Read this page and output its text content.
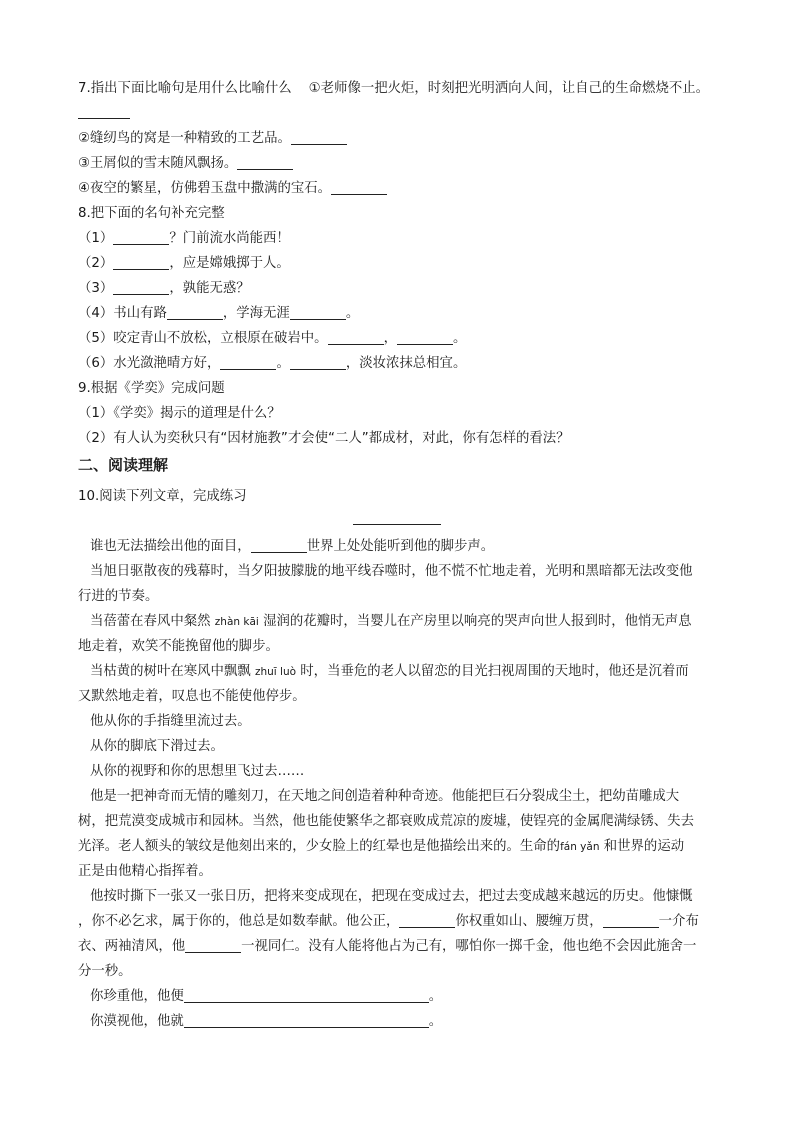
7.指出下面比喻句是用什么比喻什么 ①老师像一把火炬，时刻把光明洒向人间，让自己的生命燃烧不止。
②缝纫鸟的窝是一种精致的工艺品。
③王屑似的雪末随风飘扬。
④夜空的繁星，仿佛碧玉盘中撒满的宝石。
8.把下面的名句补充完整
（1）	？门前流水尚能西！
（2）	，应是嫦娥掷于人。
（3）	，孰能无惑？
（4）书山有路	，学海无涯	。
（5）咬定青山不放松，立根原在破岩中。	，	。
（6）水光潋滟晴方好，	。	，淡妆浓抹总相宜。
9.根据《学奕》完成问题
（1）《学奕》揭示的道理是什么？
（2）有人认为奕秋只有“因材施教”才会使“二人”都成材，对此，你有怎样的看法？
二、阅读理解
10.阅读下列文章，完成练习
谁也无法描绘出他的面目，	世界上处处能听到他的脚步声。
当旭日驱散夜的残幕时，当夕阳披朦胧的地平线吞噬时，他不慌不忙地走着，光明和黑暗都无法改变他
行进的节奏。
当蓓蕾在春风中粲然 zhàn kāi 湿润的花瓣时，当婴儿在产房里以响亮的哭声向世人报到时，他悄无声息
地走着，欢笑不能挽留他的脚步。
当枯黄的树叶在寒风中飘飘 zhuī luò 时，当垂危的老人以留恋的目光扫视周围的天地时，他还是沉着而
又默然地走着，叹息也不能使他停步。
他从你的手指缝里流过去。
从你的脚底下滑过去。
从你的视野和你的思想里飞过去……
他是一把神奇而无情的雕刻刀，在天地之间创造着种种奇迹。他能把巨石分裂成尘土，把幼苗雕成大
树，把荒漠变成城市和园林。当然，他也能使繁华之都衰败成荒凉的废墟，使锃亮的金属爬满绿锈、失去
光泽。老人额头的皱纹是他刻出来的，少女脸上的红晕也是他描绘出来的。生命的fán yǎn 和世界的运动
正是由他精心指挥着。
他按时撕下一张又一张日历，把将来变成现在，把现在变成过去，把过去变成越来越远的历史。他慷慨
，你不必乞求，属于你的，他总是如数奉献。他公正，	你权重如山、腰缠万贯，	一介布
衣、两袖清风，他	一视同仁。没有人能将他占为己有，哪怕你一掷千金，他也绝不会因此施舍一
分一秒。
你珍重他，他便	。
你漠视他，他就	。
